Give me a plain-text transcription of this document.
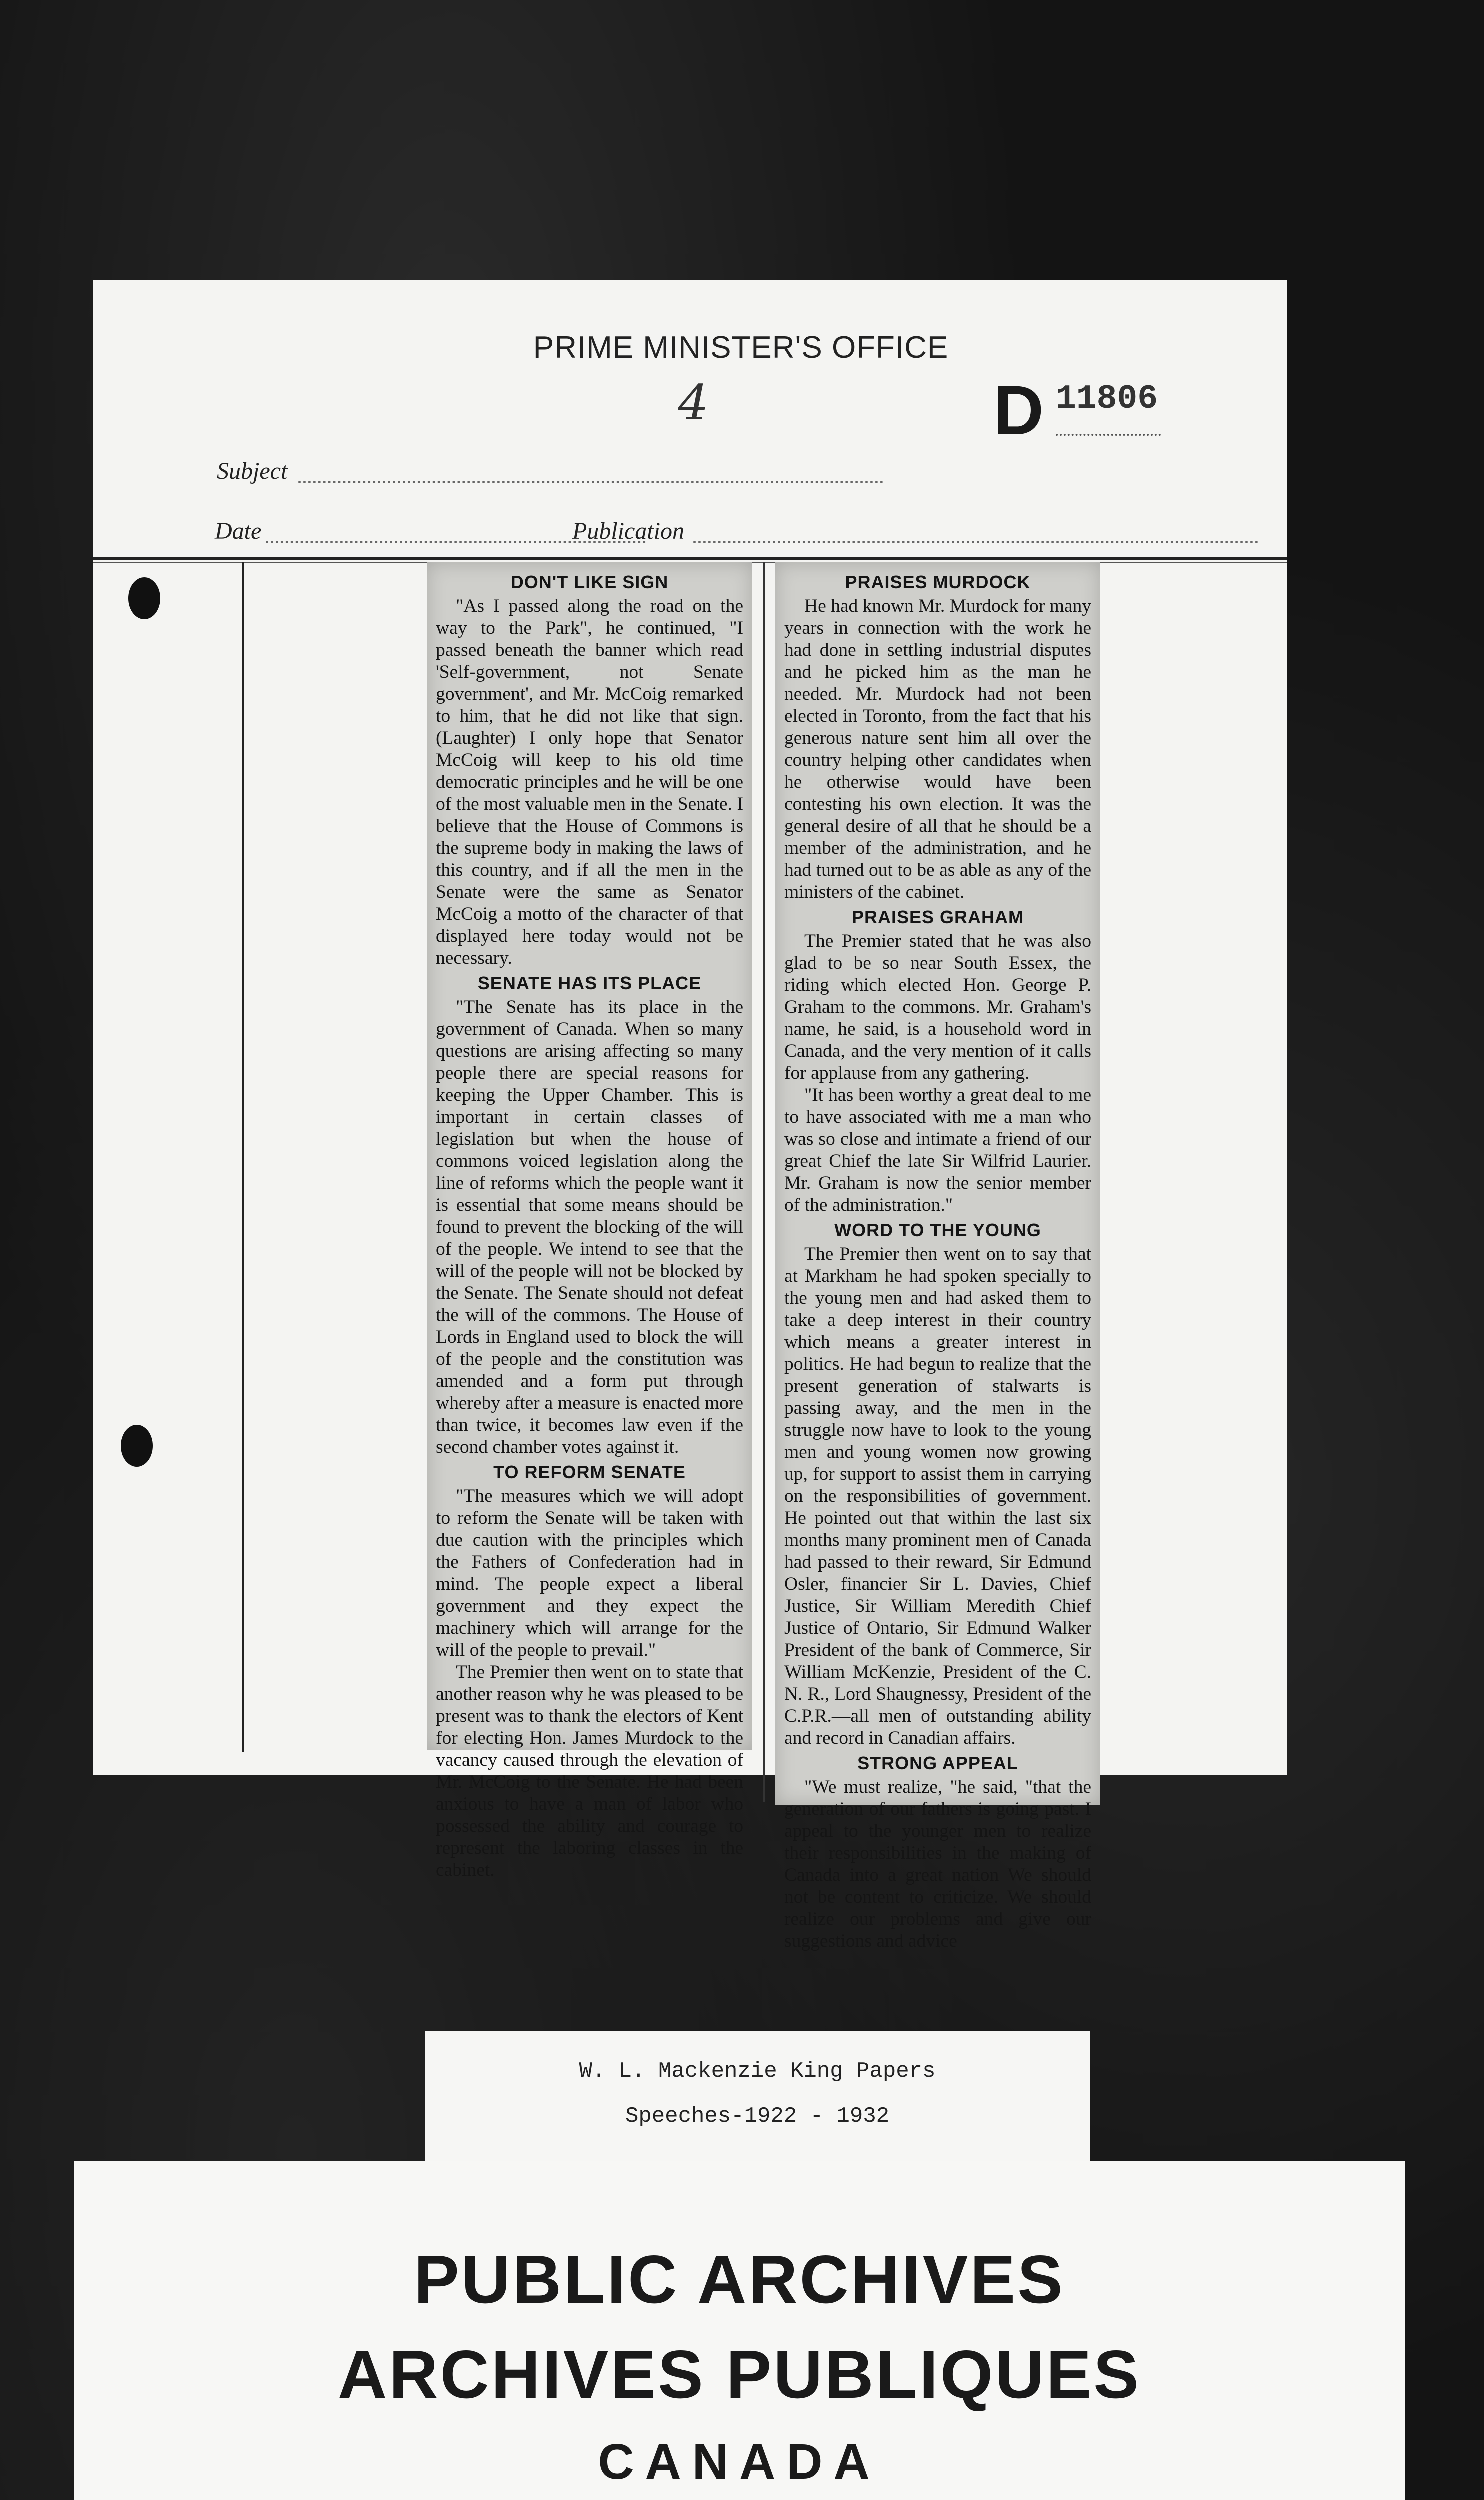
PRIME MINISTER'S OFFICE
4	D 11806
Subject
Date	Publication
DON'T LIKE SIGN

"As I passed along the road on the way to the Park", he continued, "I passed beneath the banner which read 'Self-government, not Senate government', and Mr. McCoig remarked to him, that he did not like that sign. (Laughter) I only hope that Senator McCoig will keep to his old time democratic principles and he will be one of the most valuable men in the Senate. I believe that the House of Commons is the supreme body in making the laws of this country, and if all the men in the Senate were the same as Senator McCoig a motto of the character of that displayed here today would not be necessary.

SENATE HAS ITS PLACE

"The Senate has its place in the government of Canada. When so many questions are arising affecting so many people there are special reasons for keeping the Upper Chamber. This is important in certain classes of legislation but when the house of commons voiced legislation along the line of reforms which the people want it is essential that some means should be found to prevent the blocking of the will of the people. We intend to see that the will of the people will not be blocked by the Senate. The Senate should not defeat the will of the commons. The House of Lords in England used to block the will of the people and the constitution was amended and a form put through whereby after a measure is enacted more than twice, it becomes law even if the second chamber votes against it.

TO REFORM SENATE

"The measures which we will adopt to reform the Senate will be taken with due caution with the principles which the Fathers of Confederation had in mind. The people expect a liberal government and they expect the machinery which will arrange for the will of the people to prevail."

The Premier then went on to state that another reason why he was pleased to be present was to thank the electors of Kent for electing Hon. James Murdock to the vacancy caused through the elevation of Mr. McCoig to the Senate. He had been anxious to have a man of labor who possessed the ability and courage to represent the laboring classes in the cabinet.

PRAISES MURDOCK

He had known Mr. Murdock for many years in connection with the work he had done in settling industrial disputes and he picked him as the man he needed. Mr. Murdock had not been elected in Toronto, from the fact that his generous nature sent him all over the country helping other candidates when he otherwise would have been contesting his own election. It was the general desire of all that he should be a member of the administration, and he had turned out to be as able as any of the ministers of the cabinet.

PRAISES GRAHAM

The Premier stated that he was also glad to be so near South Essex, the riding which elected Hon. George P. Graham to the commons. Mr. Graham's name, he said, is a household word in Canada, and the very mention of it calls for applause from any gathering.

"It has been worthy a great deal to me to have associated with me a man who was so close and intimate a friend of our great Chief the late Sir Wilfrid Laurier. Mr. Graham is now the senior member of the administration."

WORD TO THE YOUNG

The Premier then went on to say that at Markham he had spoken specially to the young men and had asked them to take a deep interest in their country which means a greater interest in politics. He had begun to realize that the present generation of stalwarts is passing away, and the men in the struggle now have to look to the young men and young women now growing up, for support to assist them in carrying on the responsibilities of government. He pointed out that within the last six months many prominent men of Canada had passed to their reward, Sir Edmund Osler, financier Sir L. Davies, Chief Justice, Sir William Meredith Chief Justice of Ontario, Sir Edmund Walker President of the bank of Commerce, Sir William McKenzie, President of the C. N. R., Lord Shaugnessy, President of the C.P.R.—all men of outstanding ability and record in Canadian affairs.

STRONG APPEAL

"We must realize, "he said, "that the generation of our fathers is going past. I appeal to the younger men to realize their responsibilities in the making of Canada into a great nation We should not be content to criticize. We should realize our problems and give our suggestions and advice

W. L. Mackenzie King Papers
Speeches-1922 - 1932
PUBLIC ARCHIVES
ARCHIVES PUBLIQUES
CANADA
